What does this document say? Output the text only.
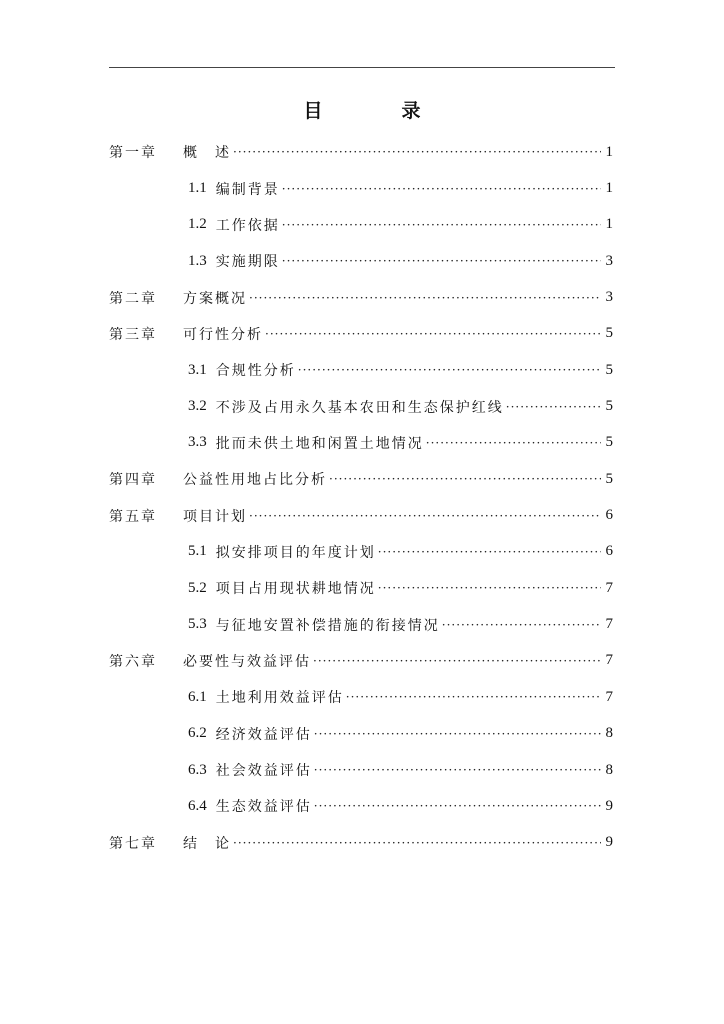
目　录
第一章	概　述 ·····	1
1.1 编制背景 ·····	1
1.2 工作依据 ·····	1
1.3 实施期限 ·····	3
第二章	方案概况 ·····	3
第三章	可行性分析 ·····	5
3.1 合规性分析 ·····	5
3.2 不涉及占用永久基本农田和生态保护红线 ·····	5
3.3 批而未供土地和闲置土地情况 ·····	5
第四章	公益性用地占比分析 ·····	5
第五章	项目计划 ·····	6
5.1 拟安排项目的年度计划 ·····	6
5.2 项目占用现状耕地情况 ·····	7
5.3 与征地安置补偿措施的衔接情况 ·····	7
第六章	必要性与效益评估 ·····	7
6.1 土地利用效益评估 ·····	7
6.2 经济效益评估 ·····	8
6.3 社会效益评估 ·····	8
6.4 生态效益评估 ·····	9
第七章	结　论 ·····	9
